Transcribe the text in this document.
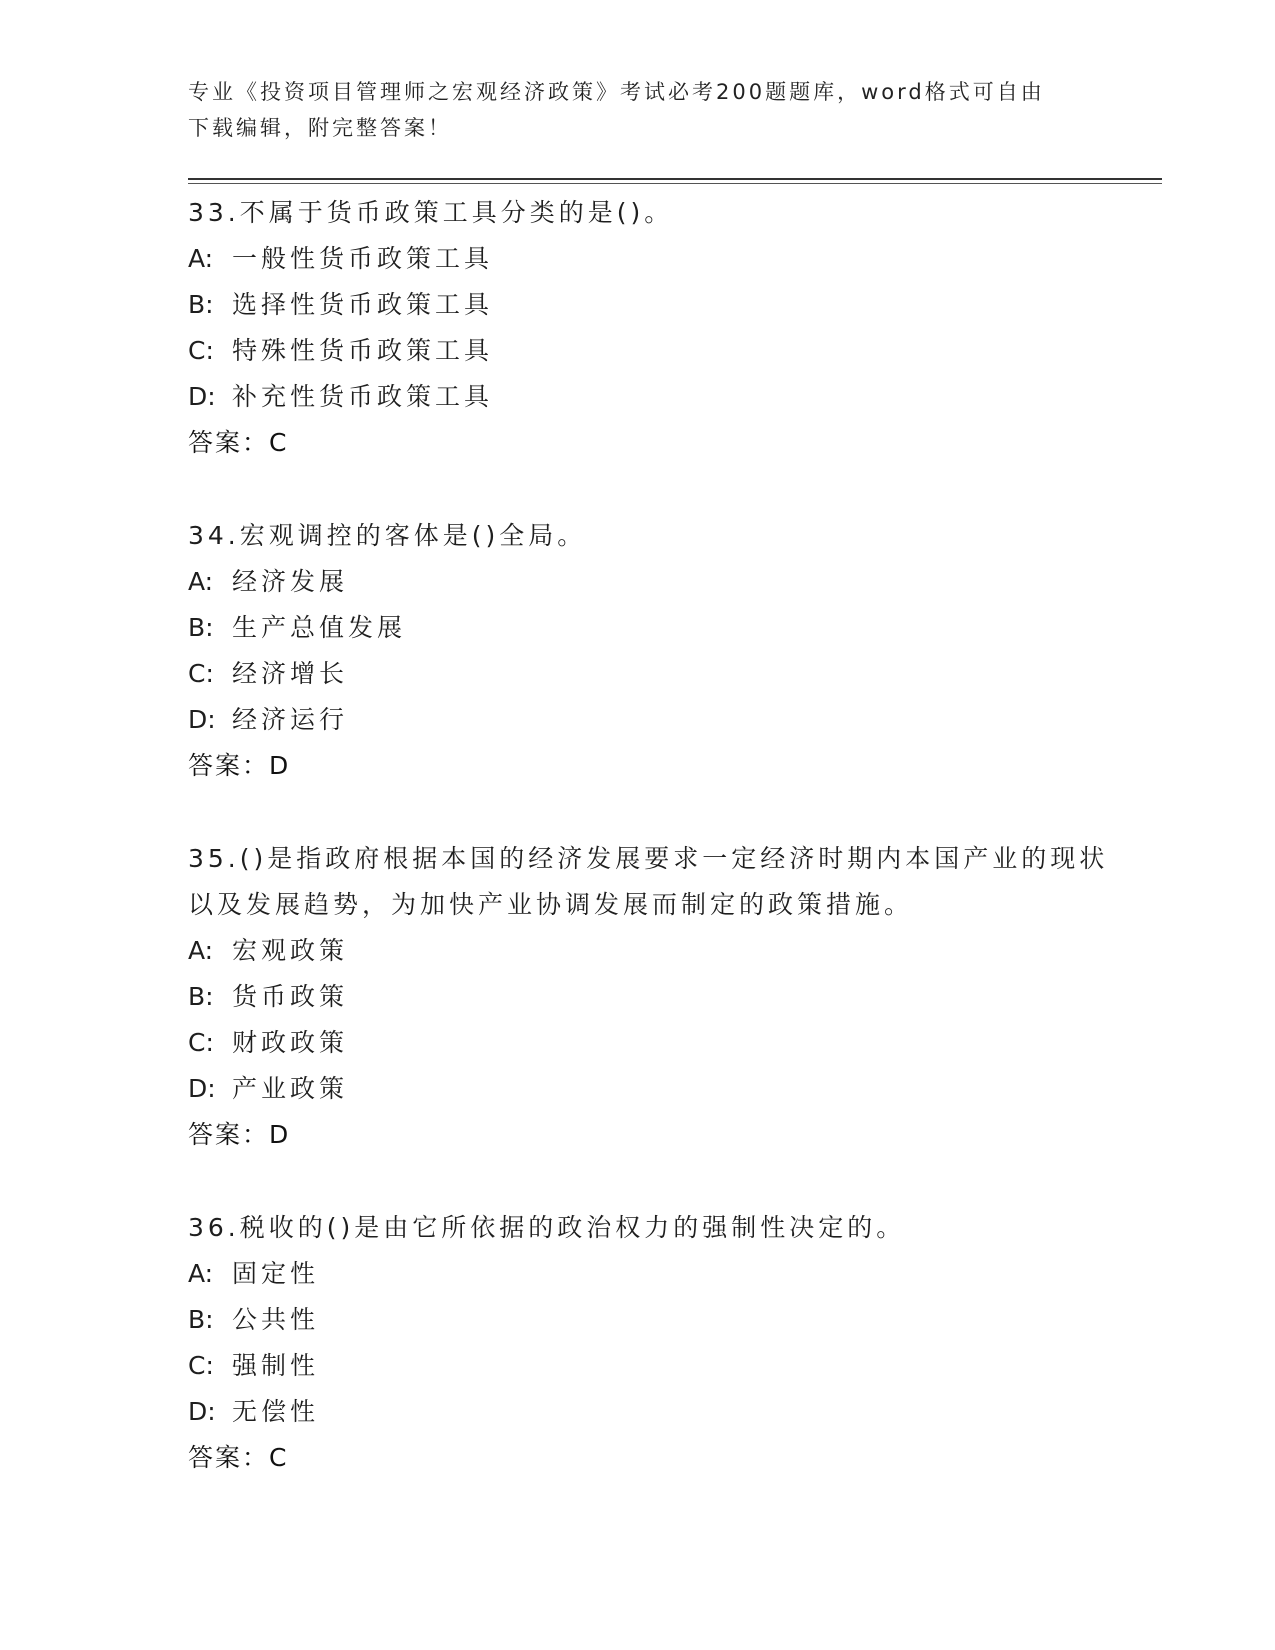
专业《投资项目管理师之宏观经济政策》考试必考200题题库，word格式可自由
下载编辑，附完整答案！
33.不属于货币政策工具分类的是()。
A: 一般性货币政策工具
B: 选择性货币政策工具
C: 特殊性货币政策工具
D: 补充性货币政策工具
答案：C
34.宏观调控的客体是()全局。
A: 经济发展
B: 生产总值发展
C: 经济增长
D: 经济运行
答案：D
35.()是指政府根据本国的经济发展要求一定经济时期内本国产业的现状以及发展趋势，为加快产业协调发展而制定的政策措施。
A: 宏观政策
B: 货币政策
C: 财政政策
D: 产业政策
答案：D
36.税收的()是由它所依据的政治权力的强制性决定的。
A: 固定性
B: 公共性
C: 强制性
D: 无偿性
答案：C
